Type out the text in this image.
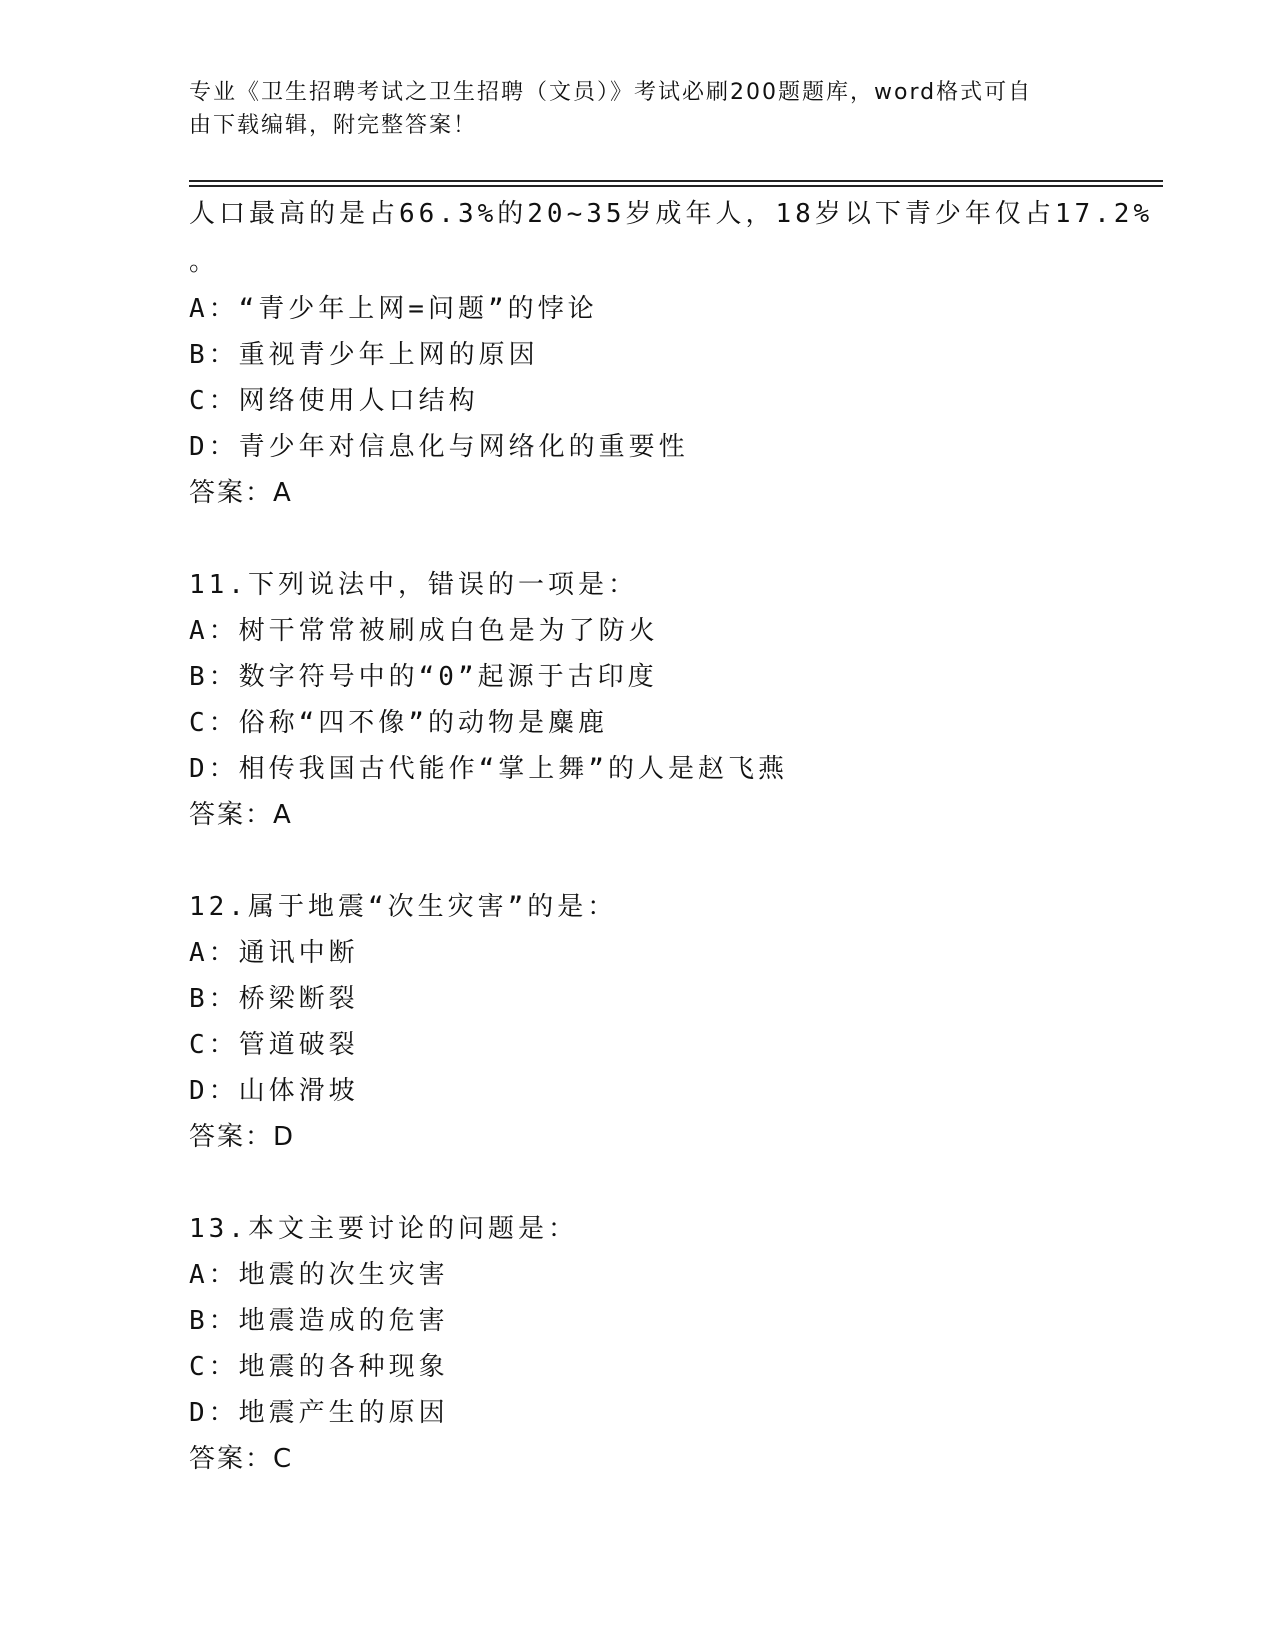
专业《卫生招聘考试之卫生招聘（文员）》考试必刷200题题库，word格式可自
由下载编辑，附完整答案！
人口最高的是占66.3%的20~35岁成年人，18岁以下青少年仅占17.2%
。
A：“青少年上网=问题”的悖论
B：重视青少年上网的原因
C：网络使用人口结构
D：青少年对信息化与网络化的重要性
答案：A
11.下列说法中，错误的一项是：
A：树干常常被刷成白色是为了防火
B：数字符号中的“0”起源于古印度
C：俗称“四不像”的动物是麋鹿
D：相传我国古代能作“掌上舞”的人是赵飞燕
答案：A
12.属于地震“次生灾害”的是：
A：通讯中断
B：桥梁断裂
C：管道破裂
D：山体滑坡
答案：D
13.本文主要讨论的问题是：
A：地震的次生灾害
B：地震造成的危害
C：地震的各种现象
D：地震产生的原因
答案：C
